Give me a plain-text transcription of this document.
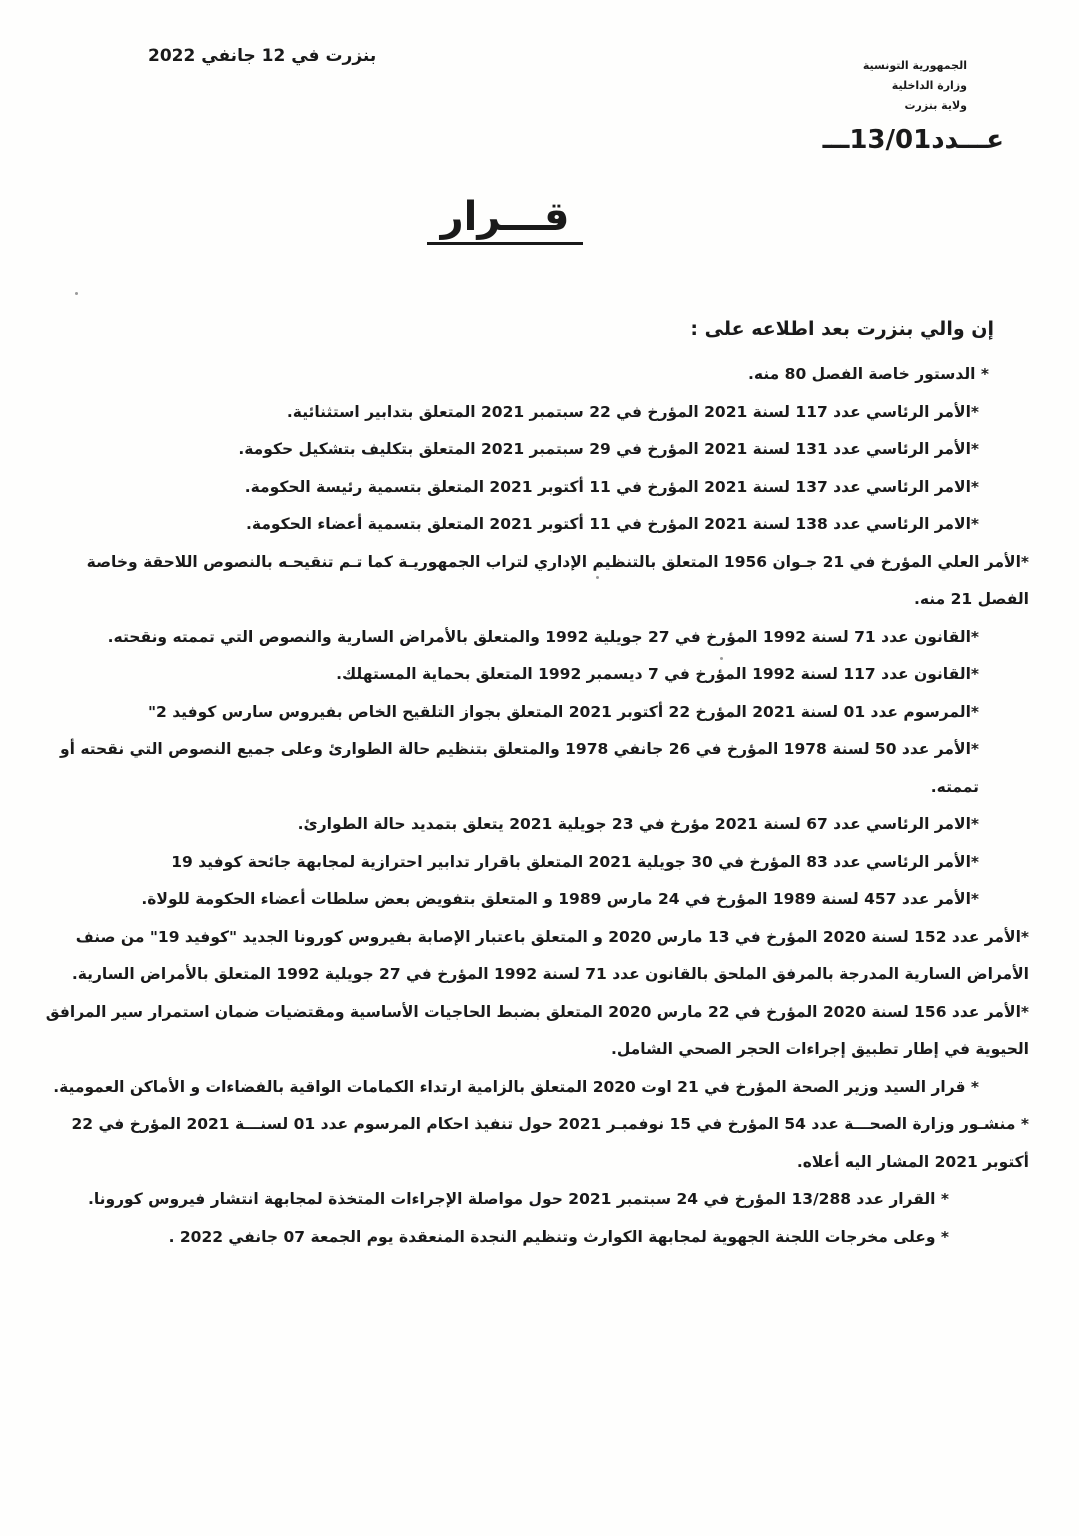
بنزرت في 12 جانفي 2022	الجمهورية التونسية
وزارة الداخلية
ولاية بنزرت
عـــدد13/01ـــ
قـــرار
إن والي بنزرت بعد اطلاعه على :

* الدستور خاصة الفصل 80 منه.

*الأمر الرئاسي عدد 117 لسنة 2021 المؤرخ في 22 سبتمبر 2021 المتعلق بتدابير استثنائية.

*الأمر الرئاسي عدد 131 لسنة 2021 المؤرخ في 29 سبتمبر 2021 المتعلق بتكليف بتشكيل حكومة.

*الامر الرئاسي عدد 137 لسنة 2021 المؤرخ في 11 أكتوبر 2021 المتعلق بتسمية رئيسة الحكومة.

*الامر الرئاسي عدد 138 لسنة 2021 المؤرخ في 11 أكتوبر 2021 المتعلق بتسمية أعضاء الحكومة.

*الأمر العلي المؤرخ في 21 جـوان 1956 المتعلق بالتنظيم الإداري لتراب الجمهوريـة كما تـم تنقيحـه بالنصوص اللاحقة وخاصة الفصل 21 منه.

*القانون عدد 71 لسنة 1992 المؤرخ في 27 جويلية 1992 والمتعلق بالأمراض السارية والنصوص التي تممته ونقحته.

*القانون عدد 117 لسنة 1992 المؤرخ في 7 ديسمبر 1992 المتعلق بحماية المستهلك.

*المرسوم عدد 01 لسنة 2021 المؤرخ 22 أكتوبر 2021 المتعلق بجواز التلقيح الخاص بفيروس سارس كوفيد 2"

*الأمر عدد 50 لسنة 1978 المؤرخ في 26 جانفي 1978 والمتعلق بتنظيم حالة الطوارئ وعلى جميع النصوص التي نقحته أو تممته.

*الامر الرئاسي عدد 67 لسنة 2021 مؤرخ في 23 جويلية 2021 يتعلق بتمديد حالة الطوارئ.

*الأمر الرئاسي عدد 83 المؤرخ في 30 جويلية 2021 المتعلق باقرار تدابير احترازية لمجابهة جائحة كوفيد 19

*الأمر عدد 457 لسنة 1989 المؤرخ في 24 مارس 1989 و المتعلق بتفويض بعض سلطات أعضاء الحكومة للولاة.

*الأمر عدد 152 لسنة 2020 المؤرخ في 13 مارس 2020 و المتعلق باعتبار الإصابة بفيروس كورونا الجديد "كوفيد 19" من صنف الأمراض السارية المدرجة بالمرفق الملحق بالقانون عدد 71 لسنة 1992 المؤرخ في 27 جويلية 1992 المتعلق بالأمراض السارية.

*الأمر عدد 156 لسنة 2020 المؤرخ في 22 مارس 2020 المتعلق بضبط الحاجيات الأساسية ومقتضيات ضمان استمرار سير المرافق الحيوية في إطار تطبيق إجراءات الحجر الصحي الشامل.

* قرار السيد وزير الصحة المؤرخ في 21 اوت 2020 المتعلق بالزامية ارتداء الكمامات الواقية بالفضاءات و الأماكن العمومية.

* منشـور وزارة الصحـــة عدد 54 المؤرخ في 15 نوفمبـر 2021 حول تنفيذ احكام المرسوم عدد 01 لسنـــة 2021 المؤرخ في 22 أكتوبر 2021 المشار اليه أعلاه.

* القرار عدد 13/288 المؤرخ في 24 سبتمبر 2021 حول مواصلة الإجراءات المتخذة لمجابهة انتشار فيروس كورونا.

* وعلى مخرجات اللجنة الجهوية لمجابهة الكوارث وتنظيم النجدة المنعقدة يوم الجمعة 07 جانفي 2022 .
